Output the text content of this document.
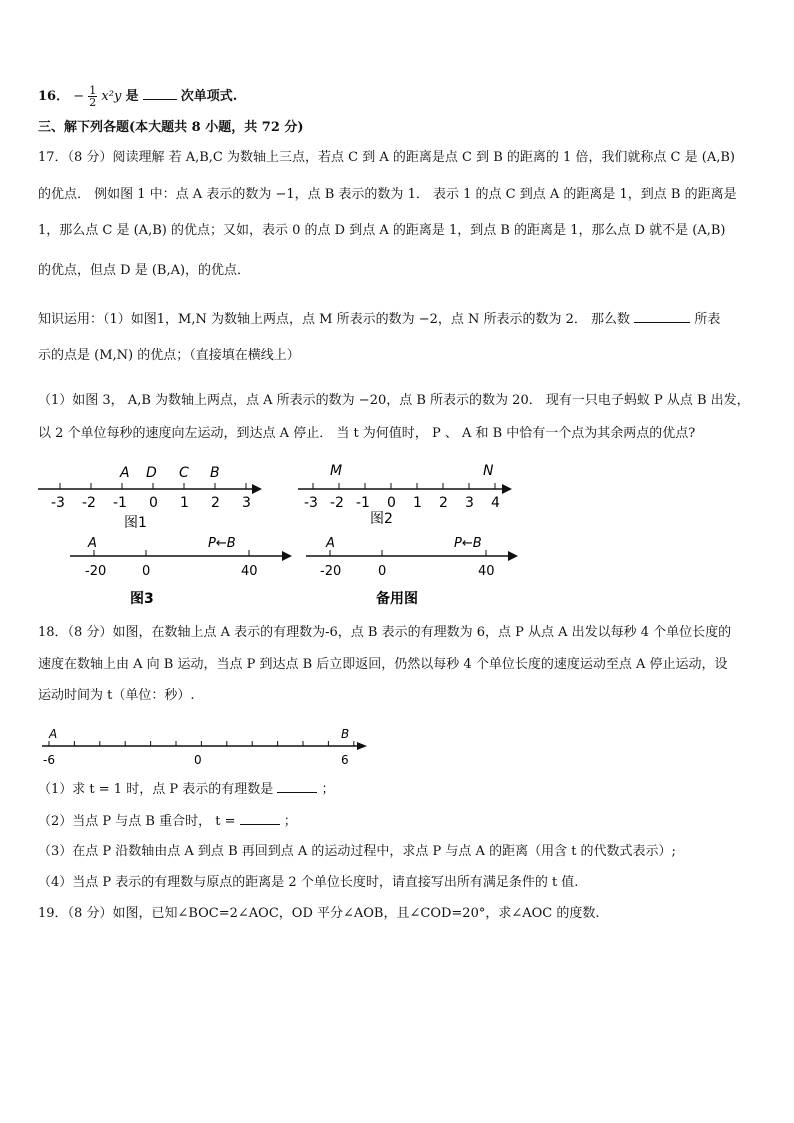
16． − $\frac{1}{2} x^2y$ 是	次单项式.
三、解下列各题(本大题共 8 小题，共 72 分)
17．（8 分）阅读理解 若 A,B,C 为数轴上三点，若点 C 到 A 的距离是点 C 到 B 的距离的 1 倍，我们就称点 C 是 (A,B)
的优点． 例如图 1 中：点 A 表示的数为 −1，点 B 表示的数为 1． 表示 1 的点 C 到点 A 的距离是 1，到点 B 的距离是
1，那么点 C 是 (A,B) 的优点；又如，表示 0 的点 D 到点 A 的距离是 1，到点 B 的距离是 1，那么点 D 就不是 (A,B)
的优点，但点 D 是 (B,A)，的优点．
知识运用：（1）如图1，M,N 为数轴上两点，点 M 所表示的数为 −2，点 N 所表示的数为 2． 那么数	所表
示的点是 (M,N) 的优点；（直接填在横线上）
（1）如图 3， A,B 为数轴上两点，点 A 所表示的数为 −20，点 B 所表示的数为 20． 现有一只电子蚂蚁 P 从点 B 出发，
以 2 个单位每秒的速度向左运动，到达点 A 停止． 当 t 为何值时， P 、 A 和 B 中恰有一个点为其余两点的优点?
-3 -2 -1 0 1 2 3
A D C B
图1
-3 -2 -1 0 1 2 3 4
M	N
图2
A	P←B
-20	0	40
图3
A	P←B
-20	0	40
备用图
18．（8 分）如图，在数轴上点 A 表示的有理数为-6，点 B 表示的有理数为 6，点 P 从点 A 出发以每秒 4 个单位长度的
速度在数轴上由 A 向 B 运动，当点 P 到达点 B 后立即返回，仍然以每秒 4 个单位长度的速度运动至点 A 停止运动，设
运动时间为 t（单位：秒）.
A	B
-6	0	6
（1）求 t = 1 时，点 P 表示的有理数是	；
（2）当点 P 与点 B 重合时， t =	；
（3）在点 P 沿数轴由点 A 到点 B 再回到点 A 的运动过程中，求点 P 与点 A 的距离（用含 t 的代数式表示）;
（4）当点 P 表示的有理数与原点的距离是 2 个单位长度时，请直接写出所有满足条件的 t 值.
19．（8 分）如图，已知∠BOC=2∠AOC，OD 平分∠AOB，且∠COD=20°，求∠AOC 的度数.
